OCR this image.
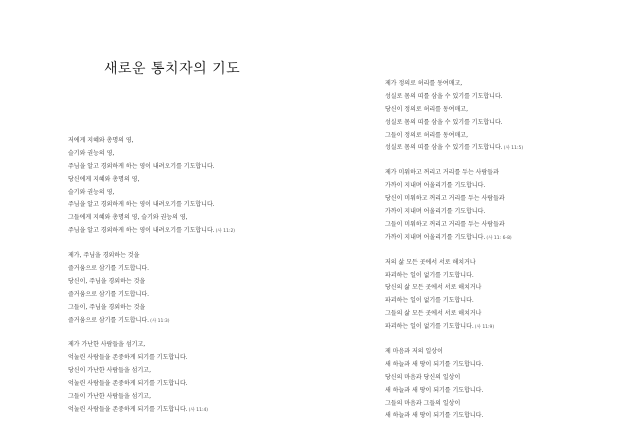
새로운 통치자의 기도
저에게 지혜와 총명의 영,
슬기와 권능의 영,
주님을 알고 경외하게 하는 영이 내려오기를 기도합니다.
당신에게 지혜와 총명의 영,
슬기와 권능의 영,
주님을 알고 경외하게 하는 영이 내려오기를 기도합니다.
그들에게 지혜와 총명의 영, 슬기와 권능의 영,
주님을 알고 경외하게 하는 영이 내려오기를 기도합니다.(사 11:2)
제가, 주님을 경외하는 것을
즐거움으로 삼기를 기도합니다.
당신이, 주님을 경외하는 것을
즐거움으로 삼기를 기도합니다.
그들이, 주님을 경외하는 것을
즐거움으로 삼기를 기도합니다.(사 11:3)
제가 가난한 사람들을 섬기고,
억눌린 사람들을 존중하게 되기를 기도합니다.
당신이 가난한 사람들을 섬기고,
억눌린 사람들을 존중하게 되기를 기도합니다.
그들이 가난한 사람들을 섬기고,
억눌린 사람들을 존중하게 되기를 기도합니다.(사 11:4)
제가 정의로 허리를 동여매고,
성실로 몸의 띠를 삼을 수 있기를 기도합니다.
당신이 정의로 허리를 동여매고,
성실로 몸의 띠를 삼을 수 있기를 기도합니다.
그들이 정의로 허리를 동여매고,
성실로 몸의 띠를 삼을 수 있기를 기도합니다.(사 11:5)
제가 미워하고 꺼리고 거리를 두는 사람들과
가까이 지내며 어울리기를 기도합니다.
당신이 미워하고 꺼리고 거리를 두는 사람들과
가까이 지내며 어울리기를 기도합니다.
그들이 미워하고 꺼리고 거리를 두는 사람들과
가까이 지내며 어울리기를 기도합니다.(사 11: 6-8)
저의 삶 모든 곳에서 서로 해치거나
파괴하는 일이 없기를 기도합니다.
당신의 삶 모든 곳에서 서로 해치거나
파괴하는 일이 없기를 기도합니다.
그들의 삶 모든 곳에서 서로 해치거나
파괴하는 일이 없기를 기도합니다.(사 11:9)
제 마음과 저의 일상이
새 하늘과 새 땅이 되기를 기도합니다.
당신의 마음과 당신의 일상이
새 하늘과 새 땅이 되기를 기도합니다.
그들의 마음과 그들의 일상이
새 하늘과 새 땅이 되기를 기도합니다.
